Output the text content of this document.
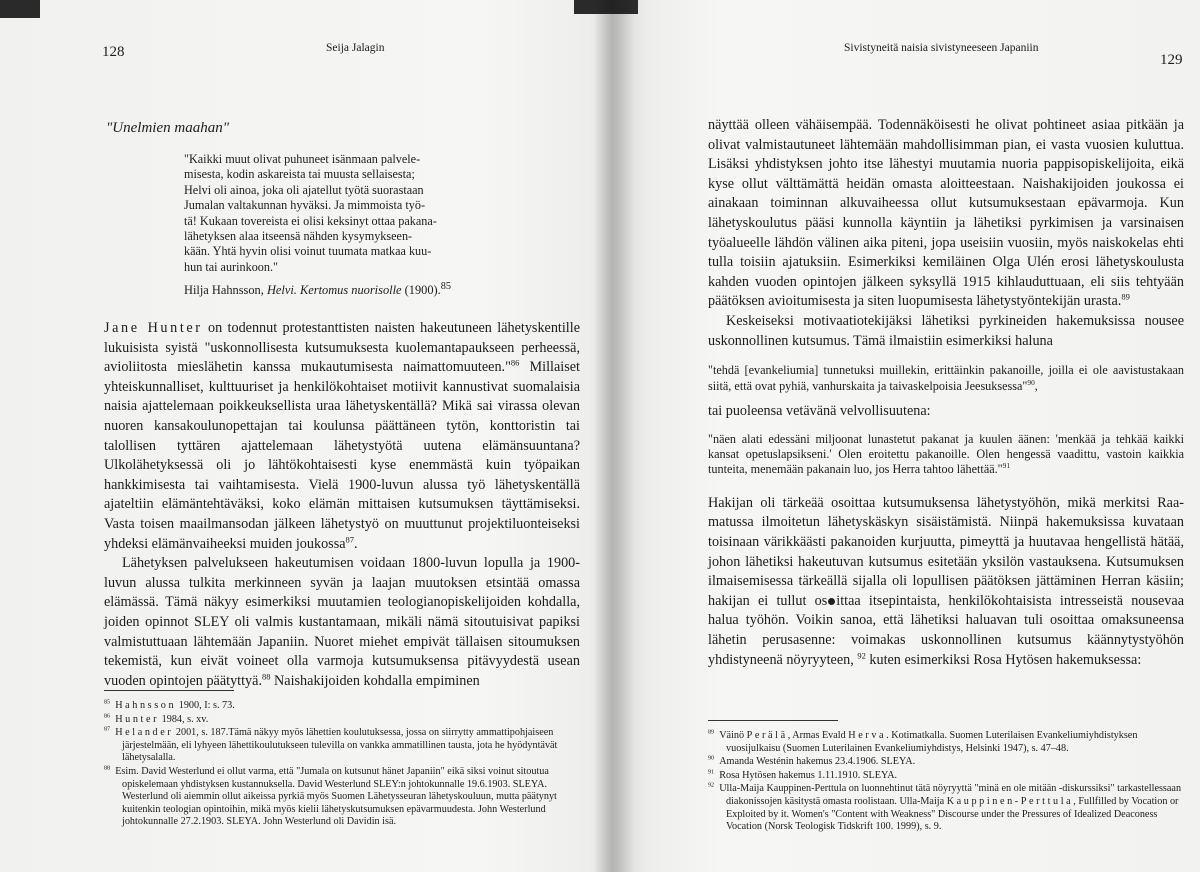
128	Seija Jalagin
"Unelmien maahan"
"Kaikki muut olivat puhuneet isänmaan palvele-
misesta, kodin askareista tai muusta sellaisesta;
Helvi oli ainoa, joka oli ajatellut työtä suorastaan
Jumalan valtakunnan hyväksi. Ja mimmoista työ-
tä! Kukaan tovereista ei olisi keksinyt ottaa pakana-
lähetyksen alaa itseensä nähden kysymykseen-
kään. Yhtä hyvin olisi voinut tuumata matkaa kuu-
hun tai aurinkoon."
Hilja Hahnsson, Helvi. Kertomus nuorisolle (1900).$^{85}$

Jane Hunter on todennut protestanttisten naisten hakeutuneen lähetyskentille lukuisista syistä "uskonnollisesta kutsumuksesta kuolemantapaukseen perheessä, avioliitosta mieslähetin kanssa mukautumisesta naimattomuuteen."$^{86}$ Millaiset yhteiskunnalliset, kulttuuriset ja henkilökohtaiset motiivit kannustivat suomalaisia naisia ajattelemaan poikkeuksellista uraa lähetyskentällä? Mikä sai virassa olevan nuoren kansakoulunopettajan tai koulunsa päättäneen tytön, konttoristin tai talollisen tyttären ajattelemaan lähetystyötä uutena elämänsuuntana? Ulkolähetyksessä oli jo lähtökohtaisesti kyse enemmästä kuin työpaikan hankkimisesta tai vaihtamisesta. Vielä 1900-luvun alussa työ lähetyskentällä ajateltiin elämäntehtäväksi, koko elämän mittaisen kutsumuksen täyttämiseksi. Vasta toisen maailmansodan jälkeen lähetystyö on muuttunut projektiluonteiseksi yhdeksi elämänvaiheeksi muiden joukossa$^{87}$.

Lähetyksen palvelukseen hakeutumisen voidaan 1800-luvun lopulla ja 1900-luvun alussa tulkita merkinneen syvän ja laajan muutoksen etsintää omassa elämässä. Tämä näkyy esimerkiksi muutamien teologianopiskelijoiden kohdalla, joiden opinnot SLEY oli valmis kustantamaan, mikäli nämä sitoutuisivat papiksi valmistuttuaan lähtemään Japaniin. Nuoret miehet empivät tällaisen sitoumuksen tekemistä, kun eivät voineet olla varmoja kutsumuksensa pitävyydestä usean vuoden opintojen päätyttyä.$^{88}$ Naishakijoiden kohdalla empiminen

$^{85}$ Hahnsson 1900, I: s. 73.

$^{86}$ Hunter 1984, s. xv.

$^{87}$ Helander 2001, s. 187.Tämä näkyy myös lähettien koulutuksessa, jossa on siirrytty ammattipohjaiseen järjestelmään, eli lyhyeen lähettikoulutukseen tulevilla on vankka ammatillinen tausta, jota he hyödyntävät lähetysalalla.

$^{88}$ Esim. David Westerlund ei ollut varma, että "Jumala on kutsunut hänet Japaniin" eikä siksi voinut sitoutua opiskelemaan yhdistyksen kustannuksella. David Westerlund SLEY:n johtokunnalle 19.6.1903. SLEYA. Westerlund oli aiemmin ollut aikeissa pyrkiä myös Suomen Lähetysseuran lähetyskouluun, mutta päätynyt kuitenkin teologian opintoihin, mikä myös kielii lähetyskutsumuksen epävarmuudesta. John Westerlund johtokunnalle 27.2.1903. SLEYA. John Westerlund oli Davidin isä.

Sivistyneitä naisia sivistyneeseen Japaniin
129

näyttää olleen vähäisempää. Todennäköisesti he olivat pohtineet asiaa pitkään ja olivat valmistautuneet lähtemään mahdollisimman pian, ei vasta vuosien kuluttua. Lisäksi yhdistyksen johto itse lähestyi muutamia nuoria pappisopiskelijoita, eikä kyse ollut välttämättä heidän omasta aloitteestaan. Naishakijoiden joukossa ei ainakaan toiminnan alkuvaiheessa ollut kutsumuksestaan epävarmoja. Kun lähetyskoulutus pääsi kunnolla käyntiin ja lähetiksi pyrkimisen ja varsinaisen työalueelle lähdön välinen aika piteni, jopa useisiin vuosiin, myös naiskokelas ehti tulla toisiin ajatuksiin. Esimerkiksi kemiläinen Olga Ulén erosi lähetyskoulusta kahden vuoden opintojen jälkeen syksyllä 1915 kihlauduttuaan, eli siis tehtyään päätöksen avioitumisesta ja siten luopumisesta lähetystyöntekijän urasta.$^{89}$

Keskeiseksi motivaatiotekijäksi lähetiksi pyrkineiden hakemuksissa nousee uskonnollinen kutsumus. Tämä ilmaistiin esimerkiksi haluna

"tehdä [evankeliumia] tunnetuksi muillekin, erittäinkin pakanoille, joilla ei ole aavistustakaan siitä, että ovat pyhiä, vanhurskaita ja taivaskelpoisia Jeesuksessa"$^{90}$,

tai puoleensa vetävänä velvollisuutena:

"näen alati edessäni miljoonat lunastetut pakanat ja kuulen äänen: 'menkää ja tehkää kaikki kansat opetuslapsikseni.' Olen eroitettu pakanoille. Olen hengessä vaadittu, vastoin kaikkia tunteita, menemään pakanain luo, jos Herra tahtoo lähettää."$^{91}$

Hakijan oli tärkeää osoittaa kutsumuksensa lähetystyöhön, mikä merkitsi Raamatussa ilmoitetun lähetyskäskyn sisäistämistä. Niinpä hakemuksissa kuvataan toisinaan värikkäästi pakanoiden kurjuutta, pimeyttä ja huutavaa hengellistä hätää, johon lähetiksi hakeutuvan kutsumus esitetään yksilön vastauksena. Kutsumuksen ilmaisemisessa tärkeällä sijalla oli lopullisen päätöksen jättäminen Herran käsiin; hakijan ei tullut os ittaa itsepintaista, henkilökohtaisista intresseistä nousevaa halua työhön. Voikin sanoa, että lähetiksi haluavan tuli osoittaa omaksuneensa lähetin perusasenne: voimakas uskonnollinen kutsumus käännytystyöhön yhdistyneenä nöyryyteen, $^{92}$ kuten esimerkiksi Rosa Hytösen hakemuksessa:

$^{89}$ Väinö Perälä, Armas Evald Herva. Kotimatkalla. Suomen Luterilaisen Evankeliumiyhdistyksen vuosijulkaisu (Suomen Luterilainen Evankeliumiyhdistys, Helsinki 1947), s. 47–48.

$^{90}$ Amanda Westénin hakemus 23.4.1906. SLEYA.

$^{91}$ Rosa Hytösen hakemus 1.11.1910. SLEYA.

$^{92}$ Ulla-Maija Kauppinen-Perttula on luonnehtinut tätä nöyryyttä "minä en ole mitään -diskurssiksi" tarkastellessaan diakonissojen käsitystä omasta roolistaan. Ulla-Maija Kauppinen-Perttula, Fullfilled by Vocation or Exploited by it. Women's "Content with Weakness" Discourse under the Pressures of Idealized Deaconess Vocation (Norsk Teologisk Tidskrift 100. 1999), s. 9.
